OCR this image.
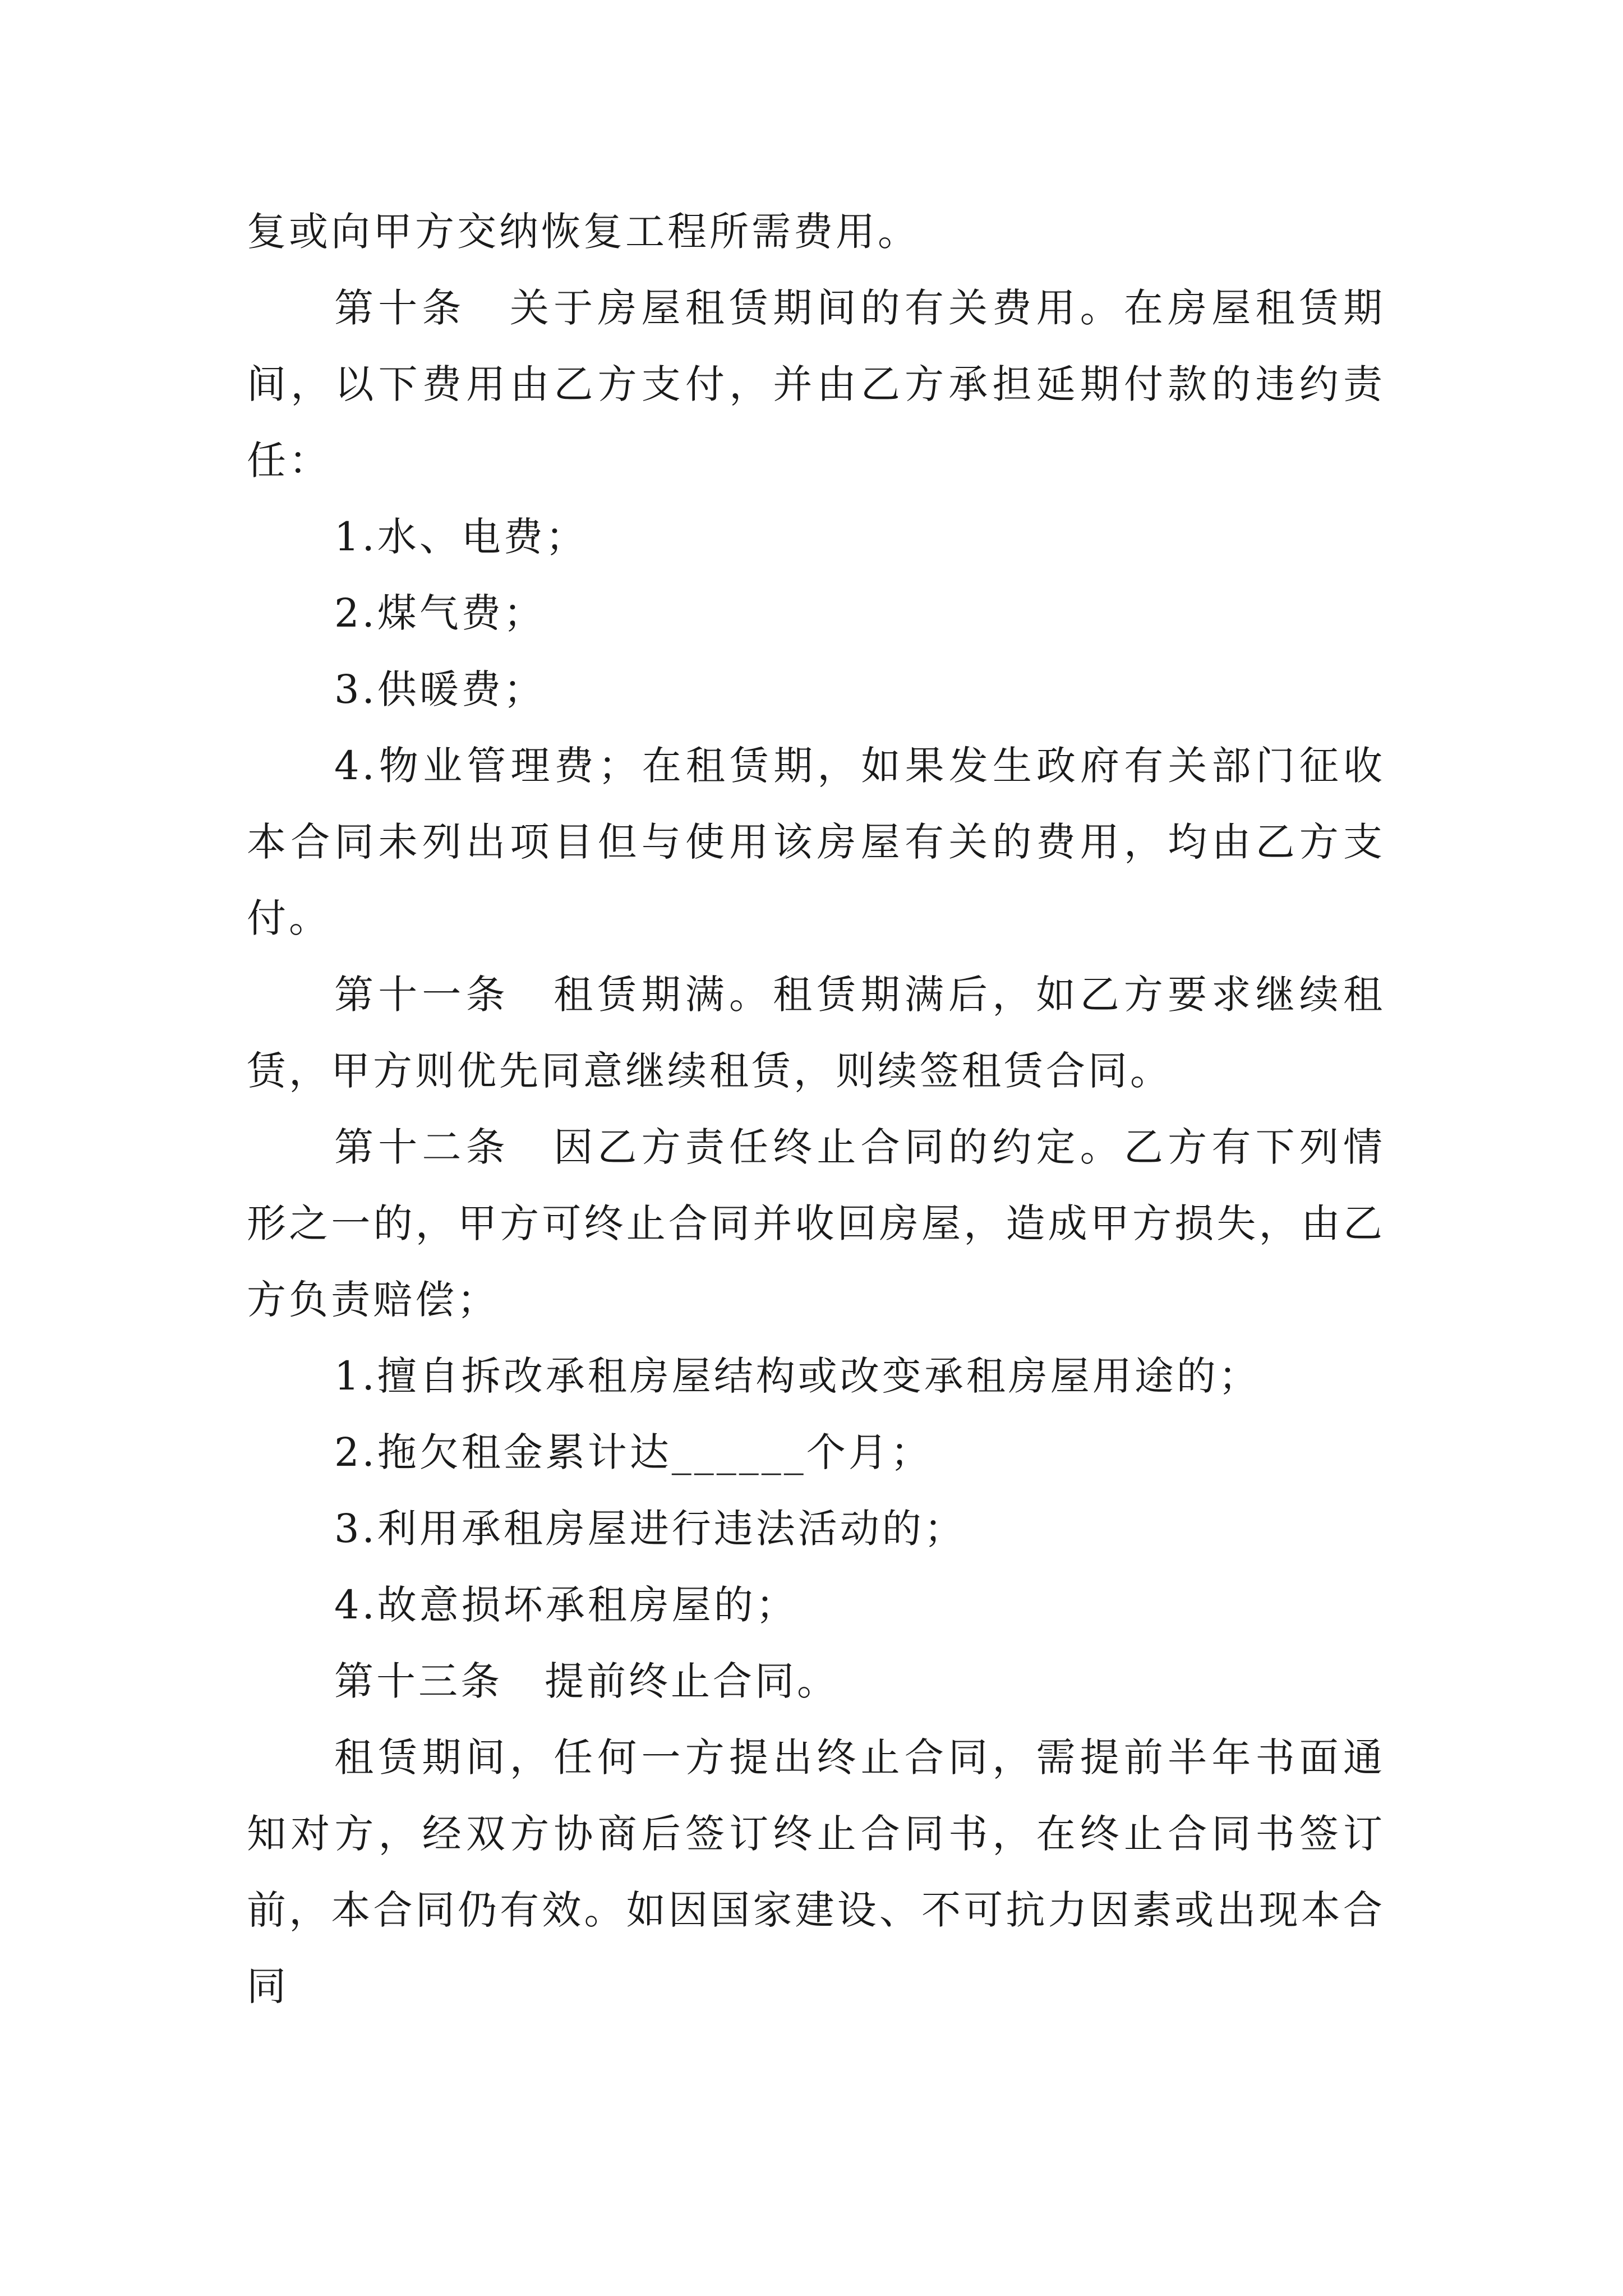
复或向甲方交纳恢复工程所需费用。

第十条　关于房屋租赁期间的有关费用。在房屋租赁期间，以下费用由乙方支付，并由乙方承担延期付款的违约责任：

1.水、电费；

2.煤气费；

3.供暖费；

4.物业管理费；在租赁期，如果发生政府有关部门征收本合同未列出项目但与使用该房屋有关的费用，均由乙方支付。

第十一条　租赁期满。租赁期满后，如乙方要求继续租赁，甲方则优先同意继续租赁，则续签租赁合同。

第十二条　因乙方责任终止合同的约定。乙方有下列情形之一的，甲方可终止合同并收回房屋，造成甲方损失，由乙方负责赔偿；

1.擅自拆改承租房屋结构或改变承租房屋用途的；

2.拖欠租金累计达______个月；

3.利用承租房屋进行违法活动的；

4.故意损坏承租房屋的；

第十三条　提前终止合同。

租赁期间，任何一方提出终止合同，需提前半年书面通知对方，经双方协商后签订终止合同书，在终止合同书签订前，本合同仍有效。如因国家建设、不可抗力因素或出现本合同
